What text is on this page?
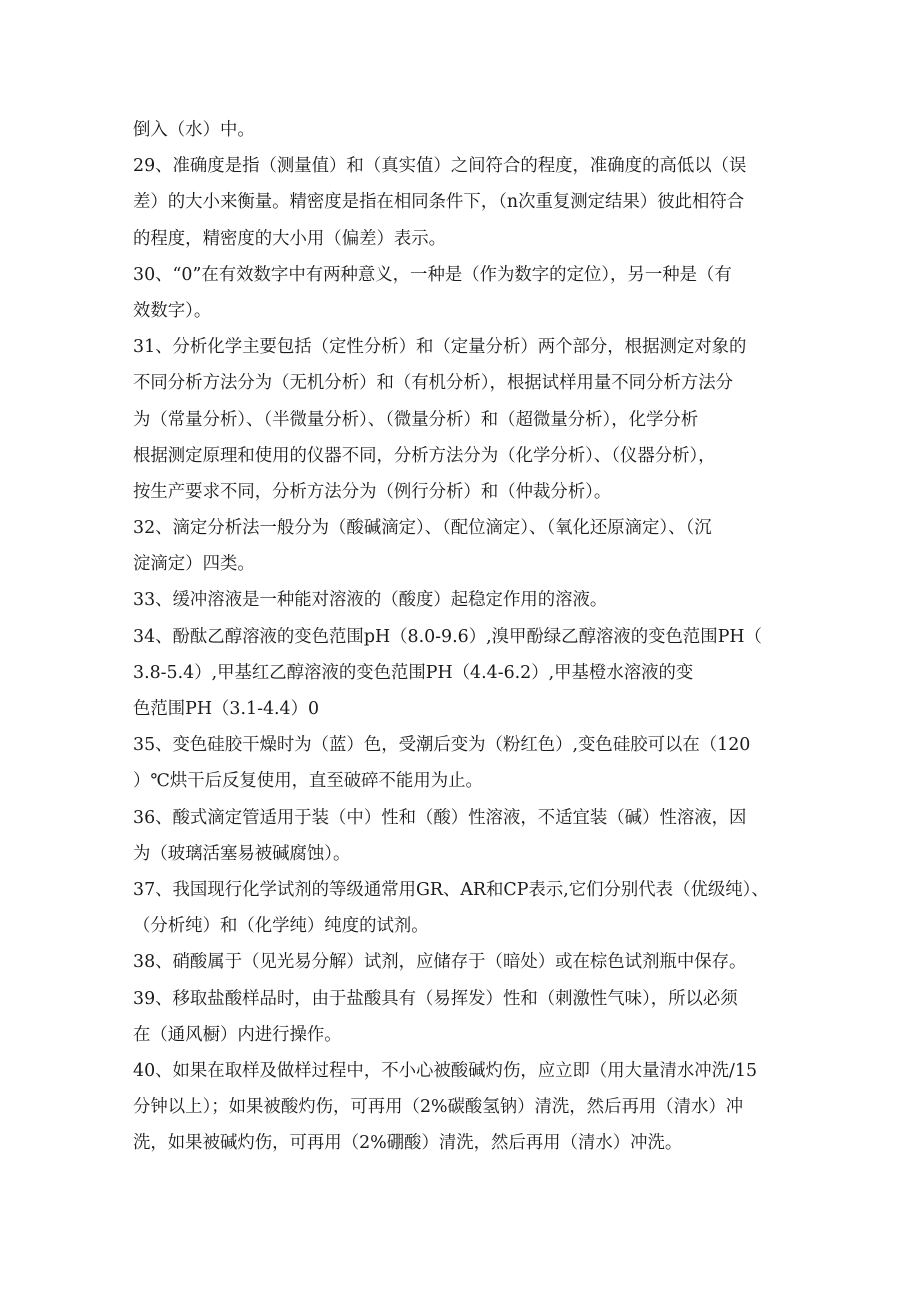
倒入（水）中。
29、准确度是指（测量值）和（真实值）之间符合的程度，准确度的高低以（误
差）的大小来衡量。精密度是指在相同条件下，（n次重复测定结果）彼此相符合
的程度，精密度的大小用（偏差）表示。
30、“0”在有效数字中有两种意义，一种是（作为数字的定位），另一种是（有
效数字）。
31、分析化学主要包括（定性分析）和（定量分析）两个部分，根据测定对象的
不同分析方法分为（无机分析）和（有机分析），根据试样用量不同分析方法分
为（常量分析）、（半微量分析）、（微量分析）和（超微量分析），化学分析
根据测定原理和使用的仪器不同，分析方法分为（化学分析）、（仪器分析），
按生产要求不同，分析方法分为（例行分析）和（仲裁分析）。
32、滴定分析法一般分为（酸碱滴定）、（配位滴定）、（氧化还原滴定）、（沉
淀滴定）四类。
33、缓冲溶液是一种能对溶液的（酸度）起稳定作用的溶液。
34、酚酞乙醇溶液的变色范围pH（8.0-9.6）,溴甲酚绿乙醇溶液的变色范围PH（
3.8-5.4）,甲基红乙醇溶液的变色范围PH（4.4-6.2）,甲基橙水溶液的变
色范围PH（3.1-4.4）0
35、变色硅胶干燥时为（蓝）色，受潮后变为（粉红色）,变色硅胶可以在（120
）℃烘干后反复使用，直至破碎不能用为止。
36、酸式滴定管适用于装（中）性和（酸）性溶液，不适宜装（碱）性溶液，因
为（玻璃活塞易被碱腐蚀）。
37、我国现行化学试剂的等级通常用GR、AR和CP表示,它们分别代表（优级纯）、
（分析纯）和（化学纯）纯度的试剂。
38、硝酸属于（见光易分解）试剂，应储存于（暗处）或在棕色试剂瓶中保存。
39、移取盐酸样品时，由于盐酸具有（易挥发）性和（刺激性气味），所以必须
在（通风橱）内进行操作。
40、如果在取样及做样过程中，不小心被酸碱灼伤，应立即（用大量清水冲洗/15
分钟以上）；如果被酸灼伤，可再用（2%碳酸氢钠）清洗，然后再用（清水）冲
洗，如果被碱灼伤，可再用（2%硼酸）清洗，然后再用（清水）冲洗。
